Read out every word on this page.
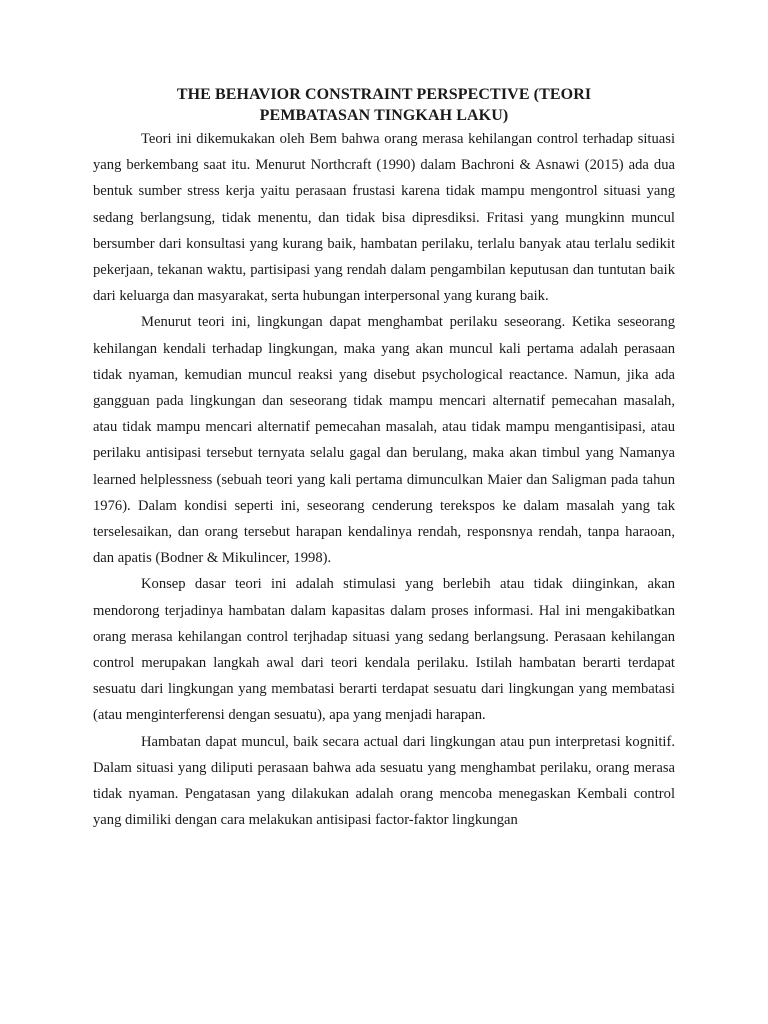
THE BEHAVIOR CONSTRAINT PERSPECTIVE (TEORI
PEMBATASAN TINGKAH LAKU)

Teori ini dikemukakan oleh Bem bahwa orang merasa kehilangan control terhadap situasi yang berkembang saat itu. Menurut Northcraft (1990) dalam Bachroni & Asnawi (2015) ada dua bentuk sumber stress kerja yaitu perasaan frustasi karena tidak mampu mengontrol situasi yang sedang berlangsung, tidak menentu, dan tidak bisa dipresdiksi. Fritasi yang mungkinn muncul bersumber dari konsultasi yang kurang baik, hambatan perilaku, terlalu banyak atau terlalu sedikit pekerjaan, tekanan waktu, partisipasi yang rendah dalam pengambilan keputusan dan tuntutan baik dari keluarga dan masyarakat, serta hubungan interpersonal yang kurang baik.

Menurut teori ini, lingkungan dapat menghambat perilaku seseorang. Ketika seseorang kehilangan kendali terhadap lingkungan, maka yang akan muncul kali pertama adalah perasaan tidak nyaman, kemudian muncul reaksi yang disebut psychological reactance. Namun, jika ada gangguan pada lingkungan dan seseorang tidak mampu mencari alternatif pemecahan masalah, atau tidak mampu mencari alternatif pemecahan masalah, atau tidak mampu mengantisipasi, atau perilaku antisipasi tersebut ternyata selalu gagal dan berulang, maka akan timbul yang Namanya learned helplessness (sebuah teori yang kali pertama dimunculkan Maier dan Saligman pada tahun 1976). Dalam kondisi seperti ini, seseorang cenderung terekspos ke dalam masalah yang tak terselesaikan, dan orang tersebut harapan kendalinya rendah, responsnya rendah, tanpa haraoan, dan apatis (Bodner & Mikulincer, 1998).

Konsep dasar teori ini adalah stimulasi yang berlebih atau tidak diinginkan, akan mendorong terjadinya hambatan dalam kapasitas dalam proses informasi. Hal ini mengakibatkan orang merasa kehilangan control terjhadap situasi yang sedang berlangsung. Perasaan kehilangan control merupakan langkah awal dari teori kendala perilaku. Istilah hambatan berarti terdapat sesuatu dari lingkungan yang membatasi berarti terdapat sesuatu dari lingkungan yang membatasi (atau menginterferensi dengan sesuatu), apa yang menjadi harapan.

Hambatan dapat muncul, baik secara actual dari lingkungan atau pun interpretasi kognitif. Dalam situasi yang diliputi perasaan bahwa ada sesuatu yang menghambat perilaku, orang merasa tidak nyaman. Pengatasan yang dilakukan adalah orang mencoba menegaskan Kembali control yang dimiliki dengan cara melakukan antisipasi factor-faktor lingkungan
